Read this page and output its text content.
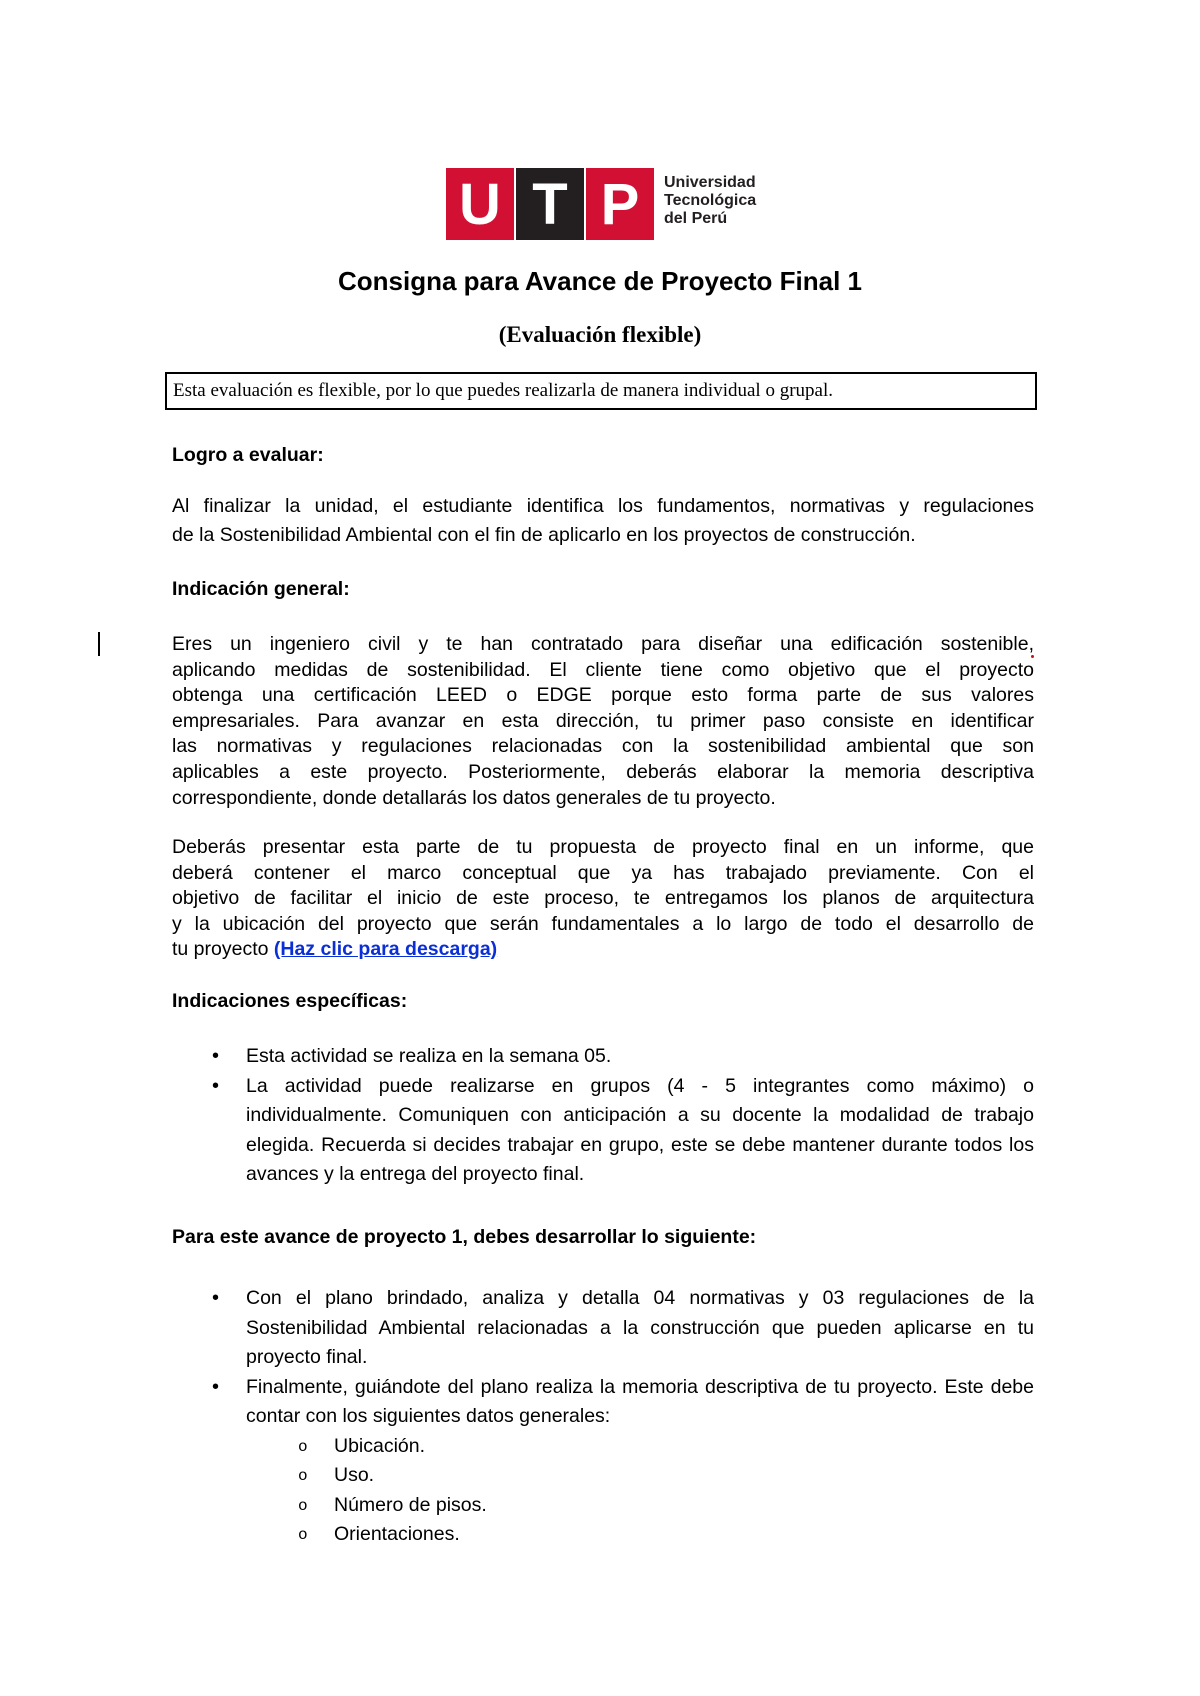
U T P Universidad
Tecnológica
del Perú
Consigna para Avance de Proyecto Final 1
(Evaluación flexible)
Esta evaluación es flexible, por lo que puedes realizarla de manera individual o grupal.
Logro a evaluar:
Al finalizar la unidad, el estudiante identifica los fundamentos, normativas y regulaciones
de la Sostenibilidad Ambiental con el fin de aplicarlo en los proyectos de construcción.
Indicación general:
Eres un ingeniero civil y te han contratado para diseñar una edificación sostenible,
aplicando medidas de sostenibilidad. El cliente tiene como objetivo que el proyecto
obtenga una certificación LEED o EDGE porque esto forma parte de sus valores
empresariales. Para avanzar en esta dirección, tu primer paso consiste en identificar
las normativas y regulaciones relacionadas con la sostenibilidad ambiental que son
aplicables a este proyecto. Posteriormente, deberás elaborar la memoria descriptiva
correspondiente, donde detallarás los datos generales de tu proyecto.
Deberás presentar esta parte de tu propuesta de proyecto final en un informe, que
deberá contener el marco conceptual que ya has trabajado previamente. Con el
objetivo de facilitar el inicio de este proceso, te entregamos los planos de arquitectura
y la ubicación del proyecto que serán fundamentales a lo largo de todo el desarrollo de
tu proyecto (Haz clic para descarga)
Indicaciones específicas:
• Esta actividad se realiza en la semana 05.
• La actividad puede realizarse en grupos (4 - 5 integrantes como máximo) o individualmente. Comuniquen con anticipación a su docente la modalidad de trabajo elegida. Recuerda si decides trabajar en grupo, este se debe mantener durante todos los avances y la entrega del proyecto final.
Para este avance de proyecto 1, debes desarrollar lo siguiente:
• Con el plano brindado, analiza y detalla 04 normativas y 03 regulaciones de la Sostenibilidad Ambiental relacionadas a la construcción que pueden aplicarse en tu proyecto final.
• Finalmente, guiándote del plano realiza la memoria descriptiva de tu proyecto. Este debe contar con los siguientes datos generales:
o Ubicación.
o Uso.
o Número de pisos.
o Orientaciones.
